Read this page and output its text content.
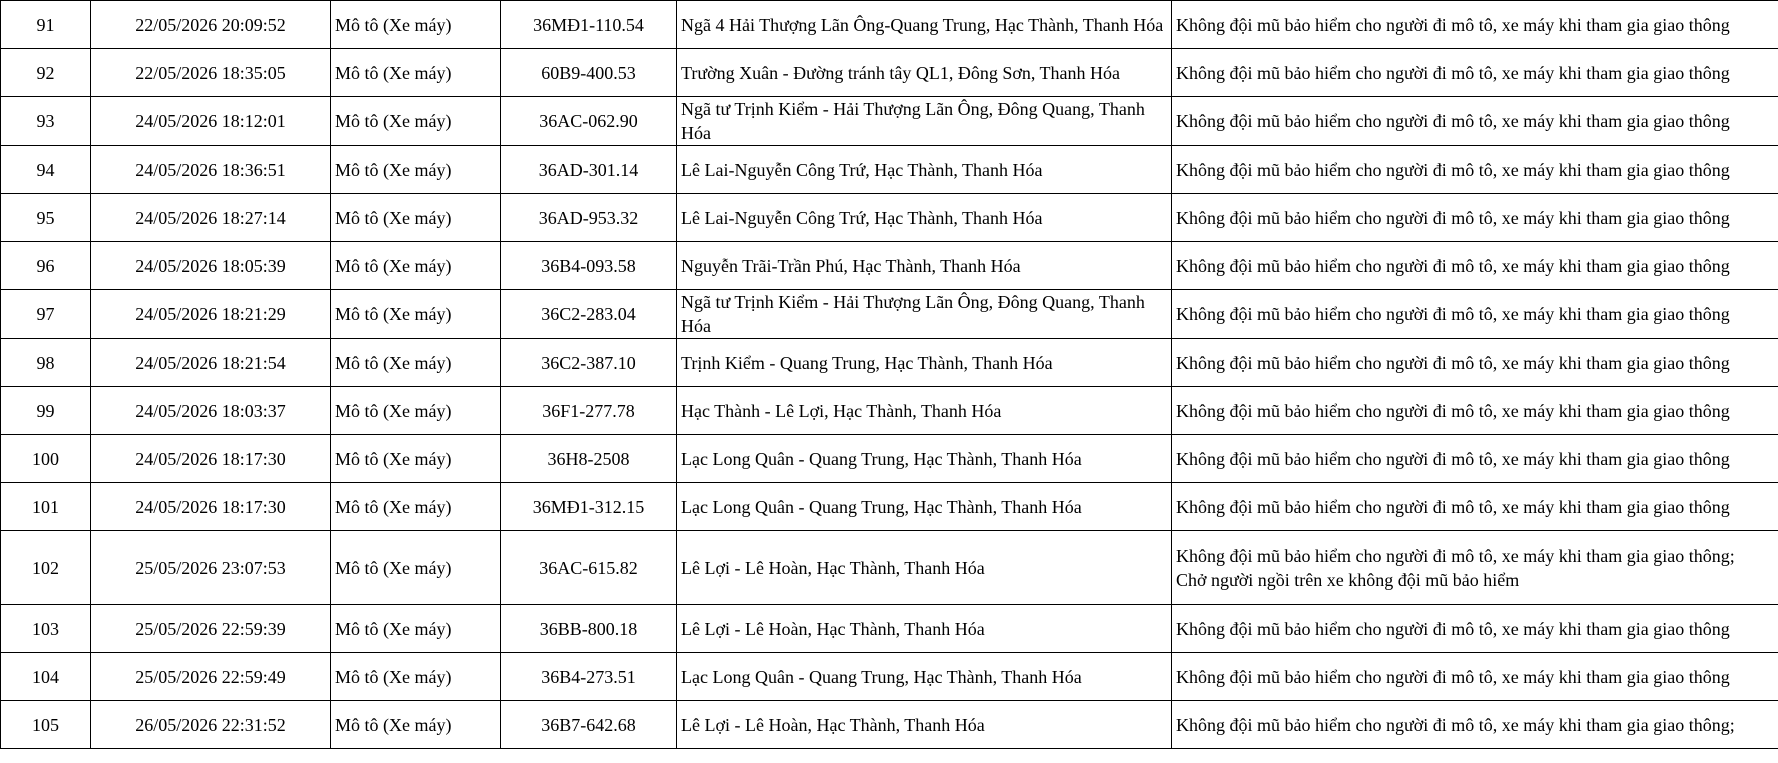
91	22/05/2026 20:09:52	Mô tô (Xe máy)	36MĐ1-110.54	Ngã 4 Hải Thượng Lãn Ông-Quang Trung, Hạc Thành, Thanh Hóa	Không đội mũ bảo hiểm cho người đi mô tô, xe máy khi tham gia giao thông

92	22/05/2026 18:35:05	Mô tô (Xe máy)	60B9-400.53	Trường Xuân - Đường tránh tây QL1, Đông Sơn, Thanh Hóa	Không đội mũ bảo hiểm cho người đi mô tô, xe máy khi tham gia giao thông

93	24/05/2026 18:12:01	Mô tô (Xe máy)	36AC-062.90	Ngã tư Trịnh Kiểm - Hải Thượng Lãn Ông, Đông Quang, Thanh Hóa	Không đội mũ bảo hiểm cho người đi mô tô, xe máy khi tham gia giao thông

94	24/05/2026 18:36:51	Mô tô (Xe máy)	36AD-301.14	Lê Lai-Nguyễn Công Trứ, Hạc Thành, Thanh Hóa	Không đội mũ bảo hiểm cho người đi mô tô, xe máy khi tham gia giao thông

95	24/05/2026 18:27:14	Mô tô (Xe máy)	36AD-953.32	Lê Lai-Nguyễn Công Trứ, Hạc Thành, Thanh Hóa	Không đội mũ bảo hiểm cho người đi mô tô, xe máy khi tham gia giao thông

96	24/05/2026 18:05:39	Mô tô (Xe máy)	36B4-093.58	Nguyễn Trãi-Trần Phú, Hạc Thành, Thanh Hóa	Không đội mũ bảo hiểm cho người đi mô tô, xe máy khi tham gia giao thông

97	24/05/2026 18:21:29	Mô tô (Xe máy)	36C2-283.04	Ngã tư Trịnh Kiểm - Hải Thượng Lãn Ông, Đông Quang, Thanh Hóa	Không đội mũ bảo hiểm cho người đi mô tô, xe máy khi tham gia giao thông

98	24/05/2026 18:21:54	Mô tô (Xe máy)	36C2-387.10	Trịnh Kiểm - Quang Trung, Hạc Thành, Thanh Hóa	Không đội mũ bảo hiểm cho người đi mô tô, xe máy khi tham gia giao thông

99	24/05/2026 18:03:37	Mô tô (Xe máy)	36F1-277.78	Hạc Thành - Lê Lợi, Hạc Thành, Thanh Hóa	Không đội mũ bảo hiểm cho người đi mô tô, xe máy khi tham gia giao thông

100	24/05/2026 18:17:30	Mô tô (Xe máy)	36H8-2508	Lạc Long Quân - Quang Trung, Hạc Thành, Thanh Hóa	Không đội mũ bảo hiểm cho người đi mô tô, xe máy khi tham gia giao thông

101	24/05/2026 18:17:30	Mô tô (Xe máy)	36MĐ1-312.15	Lạc Long Quân - Quang Trung, Hạc Thành, Thanh Hóa	Không đội mũ bảo hiểm cho người đi mô tô, xe máy khi tham gia giao thông

102	25/05/2026 23:07:53	Mô tô (Xe máy)	36AC-615.82	Lê Lợi - Lê Hoàn, Hạc Thành, Thanh Hóa	Không đội mũ bảo hiểm cho người đi mô tô, xe máy khi tham gia giao thông;
Chở người ngồi trên xe không đội mũ bảo hiểm

103	25/05/2026 22:59:39	Mô tô (Xe máy)	36BB-800.18	Lê Lợi - Lê Hoàn, Hạc Thành, Thanh Hóa	Không đội mũ bảo hiểm cho người đi mô tô, xe máy khi tham gia giao thông

104	25/05/2026 22:59:49	Mô tô (Xe máy)	36B4-273.51	Lạc Long Quân - Quang Trung, Hạc Thành, Thanh Hóa	Không đội mũ bảo hiểm cho người đi mô tô, xe máy khi tham gia giao thông

105	26/05/2026 22:31:52	Mô tô (Xe máy)	36B7-642.68	Lê Lợi - Lê Hoàn, Hạc Thành, Thanh Hóa	Không đội mũ bảo hiểm cho người đi mô tô, xe máy khi tham gia giao thông;
